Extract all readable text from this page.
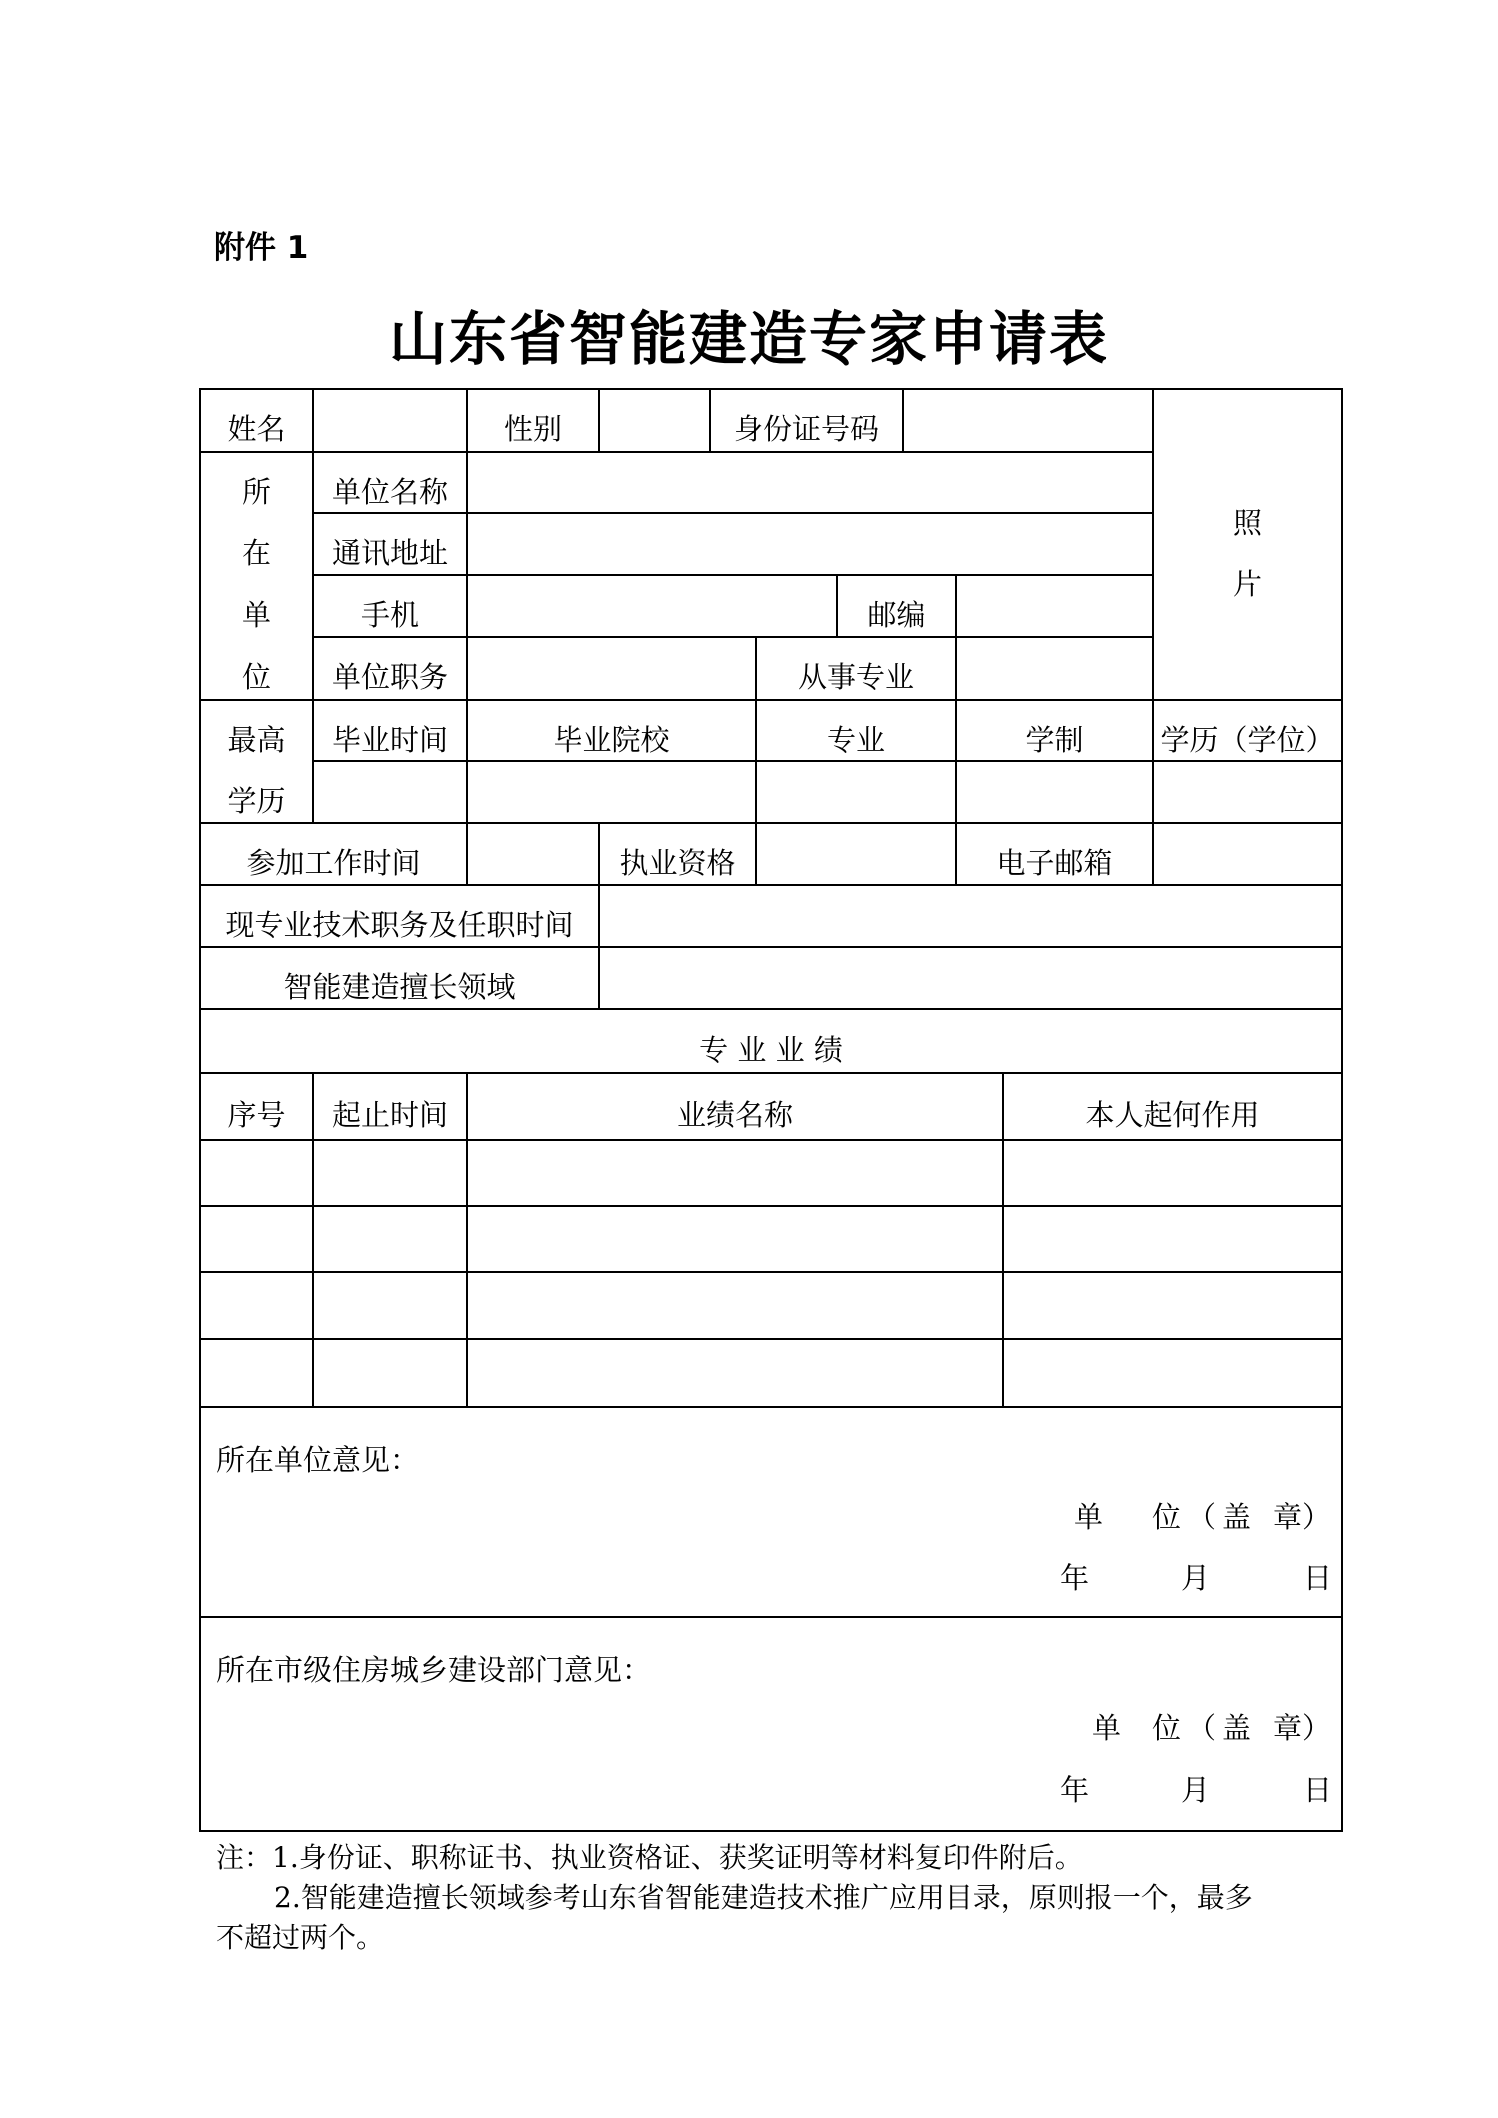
附件 1
山东省智能建造专家申请表
姓名	性别	身份证号码
照
片
所
在
单
位
单位名称
通讯地址
手机	邮编
单位职务	从事专业
最高
学历
毕业时间	毕业院校	专业	学制	学历（学位）
参加工作时间	执业资格	电子邮箱
现专业技术职务及任职时间
智能建造擅长领域
专 业 业 绩
序号	起止时间	业绩名称	本人起何作用
所在单位意见：
单 位（盖 章）
年	月	日
所在市级住房城乡建设部门意见：
单 位（盖 章）
年	月	日
注：1.身份证、职称证书、执业资格证、获奖证明等材料复印件附后。
2.智能建造擅长领域参考山东省智能建造技术推广应用目录，原则报一个，最多
不超过两个。
